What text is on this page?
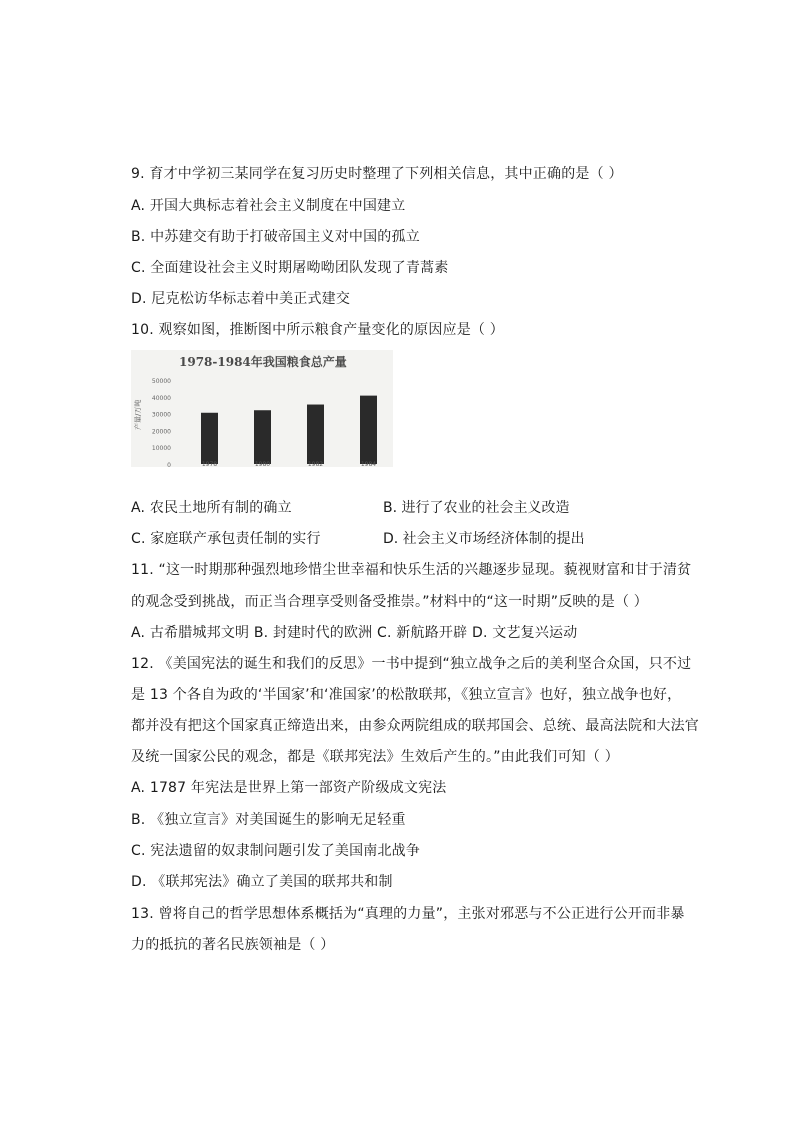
9. 育才中学初三某同学在复习历史时整理了下列相关信息，其中正确的是（ ）
A. 开国大典标志着社会主义制度在中国建立
B. 中苏建交有助于打破帝国主义对中国的孤立
C. 全面建设社会主义时期屠呦呦团队发现了青蒿素
D. 尼克松访华标志着中美正式建交
10. 观察如图，推断图中所示粮食产量变化的原因应是（ ）
1978-1984年我国粮食总产量
产量/万吨
50000
40000
30000
20000
10000
0	1978	1980	1982	1984
A. 农民土地所有制的确立	B. 进行了农业的社会主义改造
C. 家庭联产承包责任制的实行	D. 社会主义市场经济体制的提出
11. “这一时期那种强烈地珍惜尘世幸福和快乐生活的兴趣逐步显现。藐视财富和甘于清贫
的观念受到挑战，而正当合理享受则备受推崇。”材料中的“这一时期”反映的是（ ）
A. 古希腊城邦文明 B. 封建时代的欧洲 C. 新航路开辟 D. 文艺复兴运动
12. 《美国宪法的诞生和我们的反思》一书中提到“独立战争之后的美利坚合众国，只不过
是 13 个各自为政的‘半国家’和‘准国家’的松散联邦，《独立宣言》也好，独立战争也好，
都并没有把这个国家真正缔造出来，由参众两院组成的联邦国会、总统、最高法院和大法官
及统一国家公民的观念，都是《联邦宪法》生效后产生的。”由此我们可知（ ）
A. 1787 年宪法是世界上第一部资产阶级成文宪法
B. 《独立宣言》对美国诞生的影响无足轻重
C. 宪法遗留的奴隶制问题引发了美国南北战争
D. 《联邦宪法》确立了美国的联邦共和制
13. 曾将自己的哲学思想体系概括为“真理的力量”，主张对邪恶与不公正进行公开而非暴
力的抵抗的著名民族领袖是（ ）
